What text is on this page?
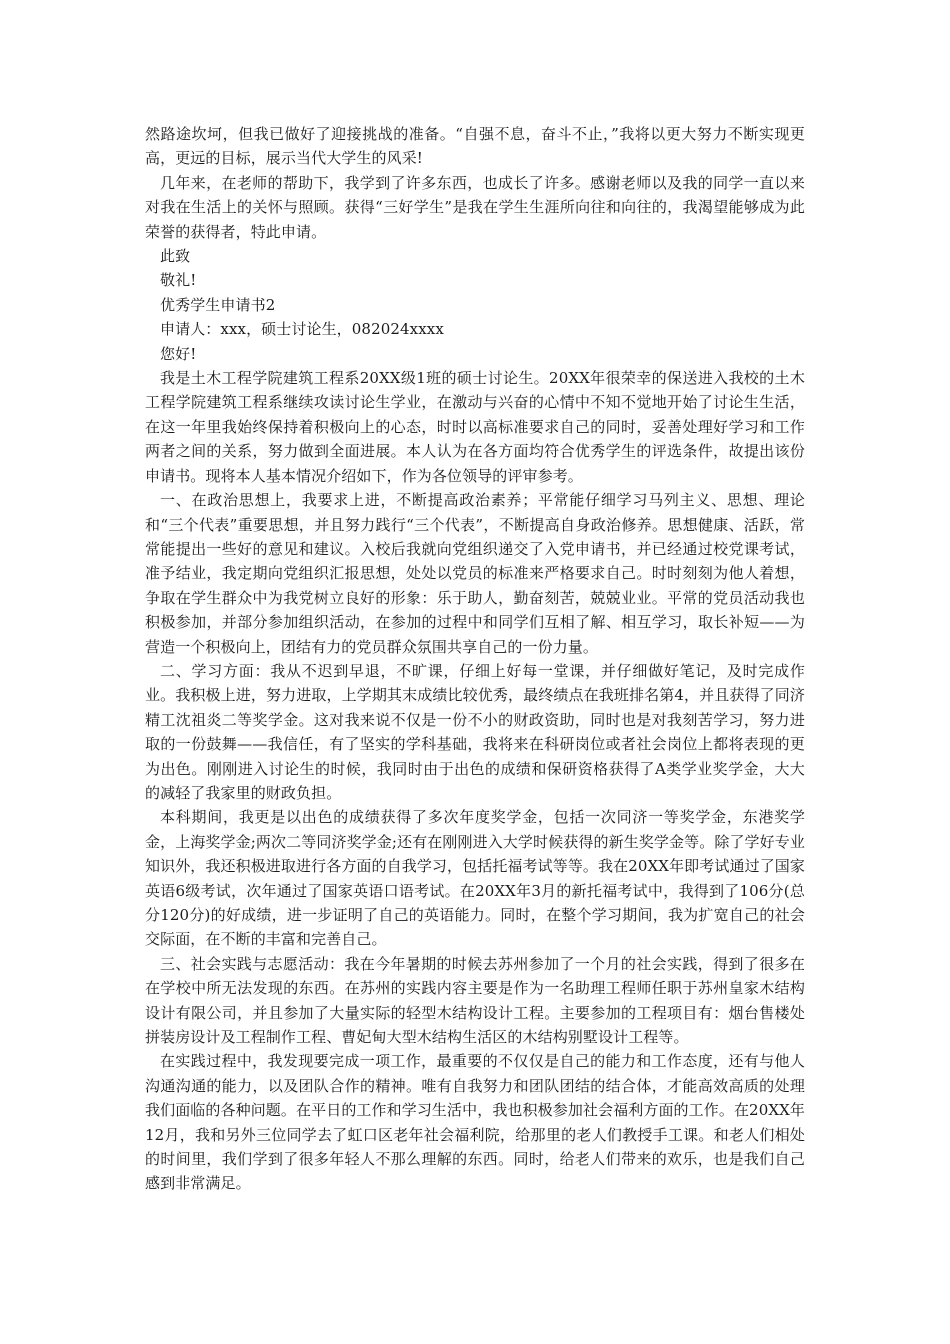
然路途坎坷，但我已做好了迎接挑战的准备。“自强不息，奋斗不止，”我将以更大努力不断实现更高，更远的目标，展示当代大学生的风采!

几年来，在老师的帮助下，我学到了许多东西，也成长了许多。感谢老师以及我的同学一直以来对我在生活上的关怀与照顾。获得“三好学生”是我在学生生涯所向往和向往的，我渴望能够成为此荣誉的获得者，特此申请。

此致

敬礼!

优秀学生申请书2

申请人：xxx，硕士讨论生，082024xxxx

您好!

我是土木工程学院建筑工程系20XX级1班的硕士讨论生。20XX年很荣幸的保送进入我校的土木工程学院建筑工程系继续攻读讨论生学业，在激动与兴奋的心情中不知不觉地开始了讨论生生活，在这一年里我始终保持着积极向上的心态，时时以高标准要求自己的同时，妥善处理好学习和工作两者之间的关系，努力做到全面进展。本人认为在各方面均符合优秀学生的评选条件，故提出该份申请书。现将本人基本情况介绍如下，作为各位领导的评审参考。

一、在政治思想上，我要求上进，不断提高政治素养；平常能仔细学习马列主义、思想、理论和“三个代表”重要思想，并且努力践行“三个代表”，不断提高自身政治修养。思想健康、活跃，常常能提出一些好的意见和建议。入校后我就向党组织递交了入党申请书，并已经通过校党课考试，准予结业，我定期向党组织汇报思想，处处以党员的标准来严格要求自己。时时刻刻为他人着想，争取在学生群众中为我党树立良好的形象：乐于助人，勤奋刻苦，兢兢业业。平常的党员活动我也积极参加，并部分参加组织活动，在参加的过程中和同学们互相了解、相互学习，取长补短——为营造一个积极向上，团结有力的党员群众氛围共享自己的一份力量。

二、学习方面：我从不迟到早退，不旷课，仔细上好每一堂课，并仔细做好笔记，及时完成作业。我积极上进，努力进取，上学期其末成绩比较优秀，最终绩点在我班排名第4，并且获得了同济精工沈祖炎二等奖学金。这对我来说不仅是一份不小的财政资助，同时也是对我刻苦学习，努力进取的一份鼓舞——我信任，有了坚实的学科基础，我将来在科研岗位或者社会岗位上都将表现的更为出色。刚刚进入讨论生的时候，我同时由于出色的成绩和保研资格获得了A类学业奖学金，大大的减轻了我家里的财政负担。

本科期间，我更是以出色的成绩获得了多次年度奖学金，包括一次同济一等奖学金，东港奖学金，上海奖学金;两次二等同济奖学金;还有在刚刚进入大学时候获得的新生奖学金等。除了学好专业知识外，我还积极进取进行各方面的自我学习，包括托福考试等等。我在20XX年即考试通过了国家英语6级考试，次年通过了国家英语口语考试。在20XX年3月的新托福考试中，我得到了106分(总分120分)的好成绩，进一步证明了自己的英语能力。同时，在整个学习期间，我为扩宽自己的社会交际面，在不断的丰富和完善自己。

三、社会实践与志愿活动：我在今年暑期的时候去苏州参加了一个月的社会实践，得到了很多在在学校中所无法发现的东西。在苏州的实践内容主要是作为一名助理工程师任职于苏州皇家木结构设计有限公司，并且参加了大量实际的轻型木结构设计工程。主要参加的工程项目有：烟台售楼处拼装房设计及工程制作工程、曹妃甸大型木结构生活区的木结构别墅设计工程等。

在实践过程中，我发现要完成一项工作，最重要的不仅仅是自己的能力和工作态度，还有与他人沟通沟通的能力，以及团队合作的精神。唯有自我努力和团队团结的结合体，才能高效高质的处理我们面临的各种问题。在平日的工作和学习生活中，我也积极参加社会福利方面的工作。在20XX年12月，我和另外三位同学去了虹口区老年社会福利院，给那里的老人们教授手工课。和老人们相处的时间里，我们学到了很多年轻人不那么理解的东西。同时，给老人们带来的欢乐，也是我们自己感到非常满足。
